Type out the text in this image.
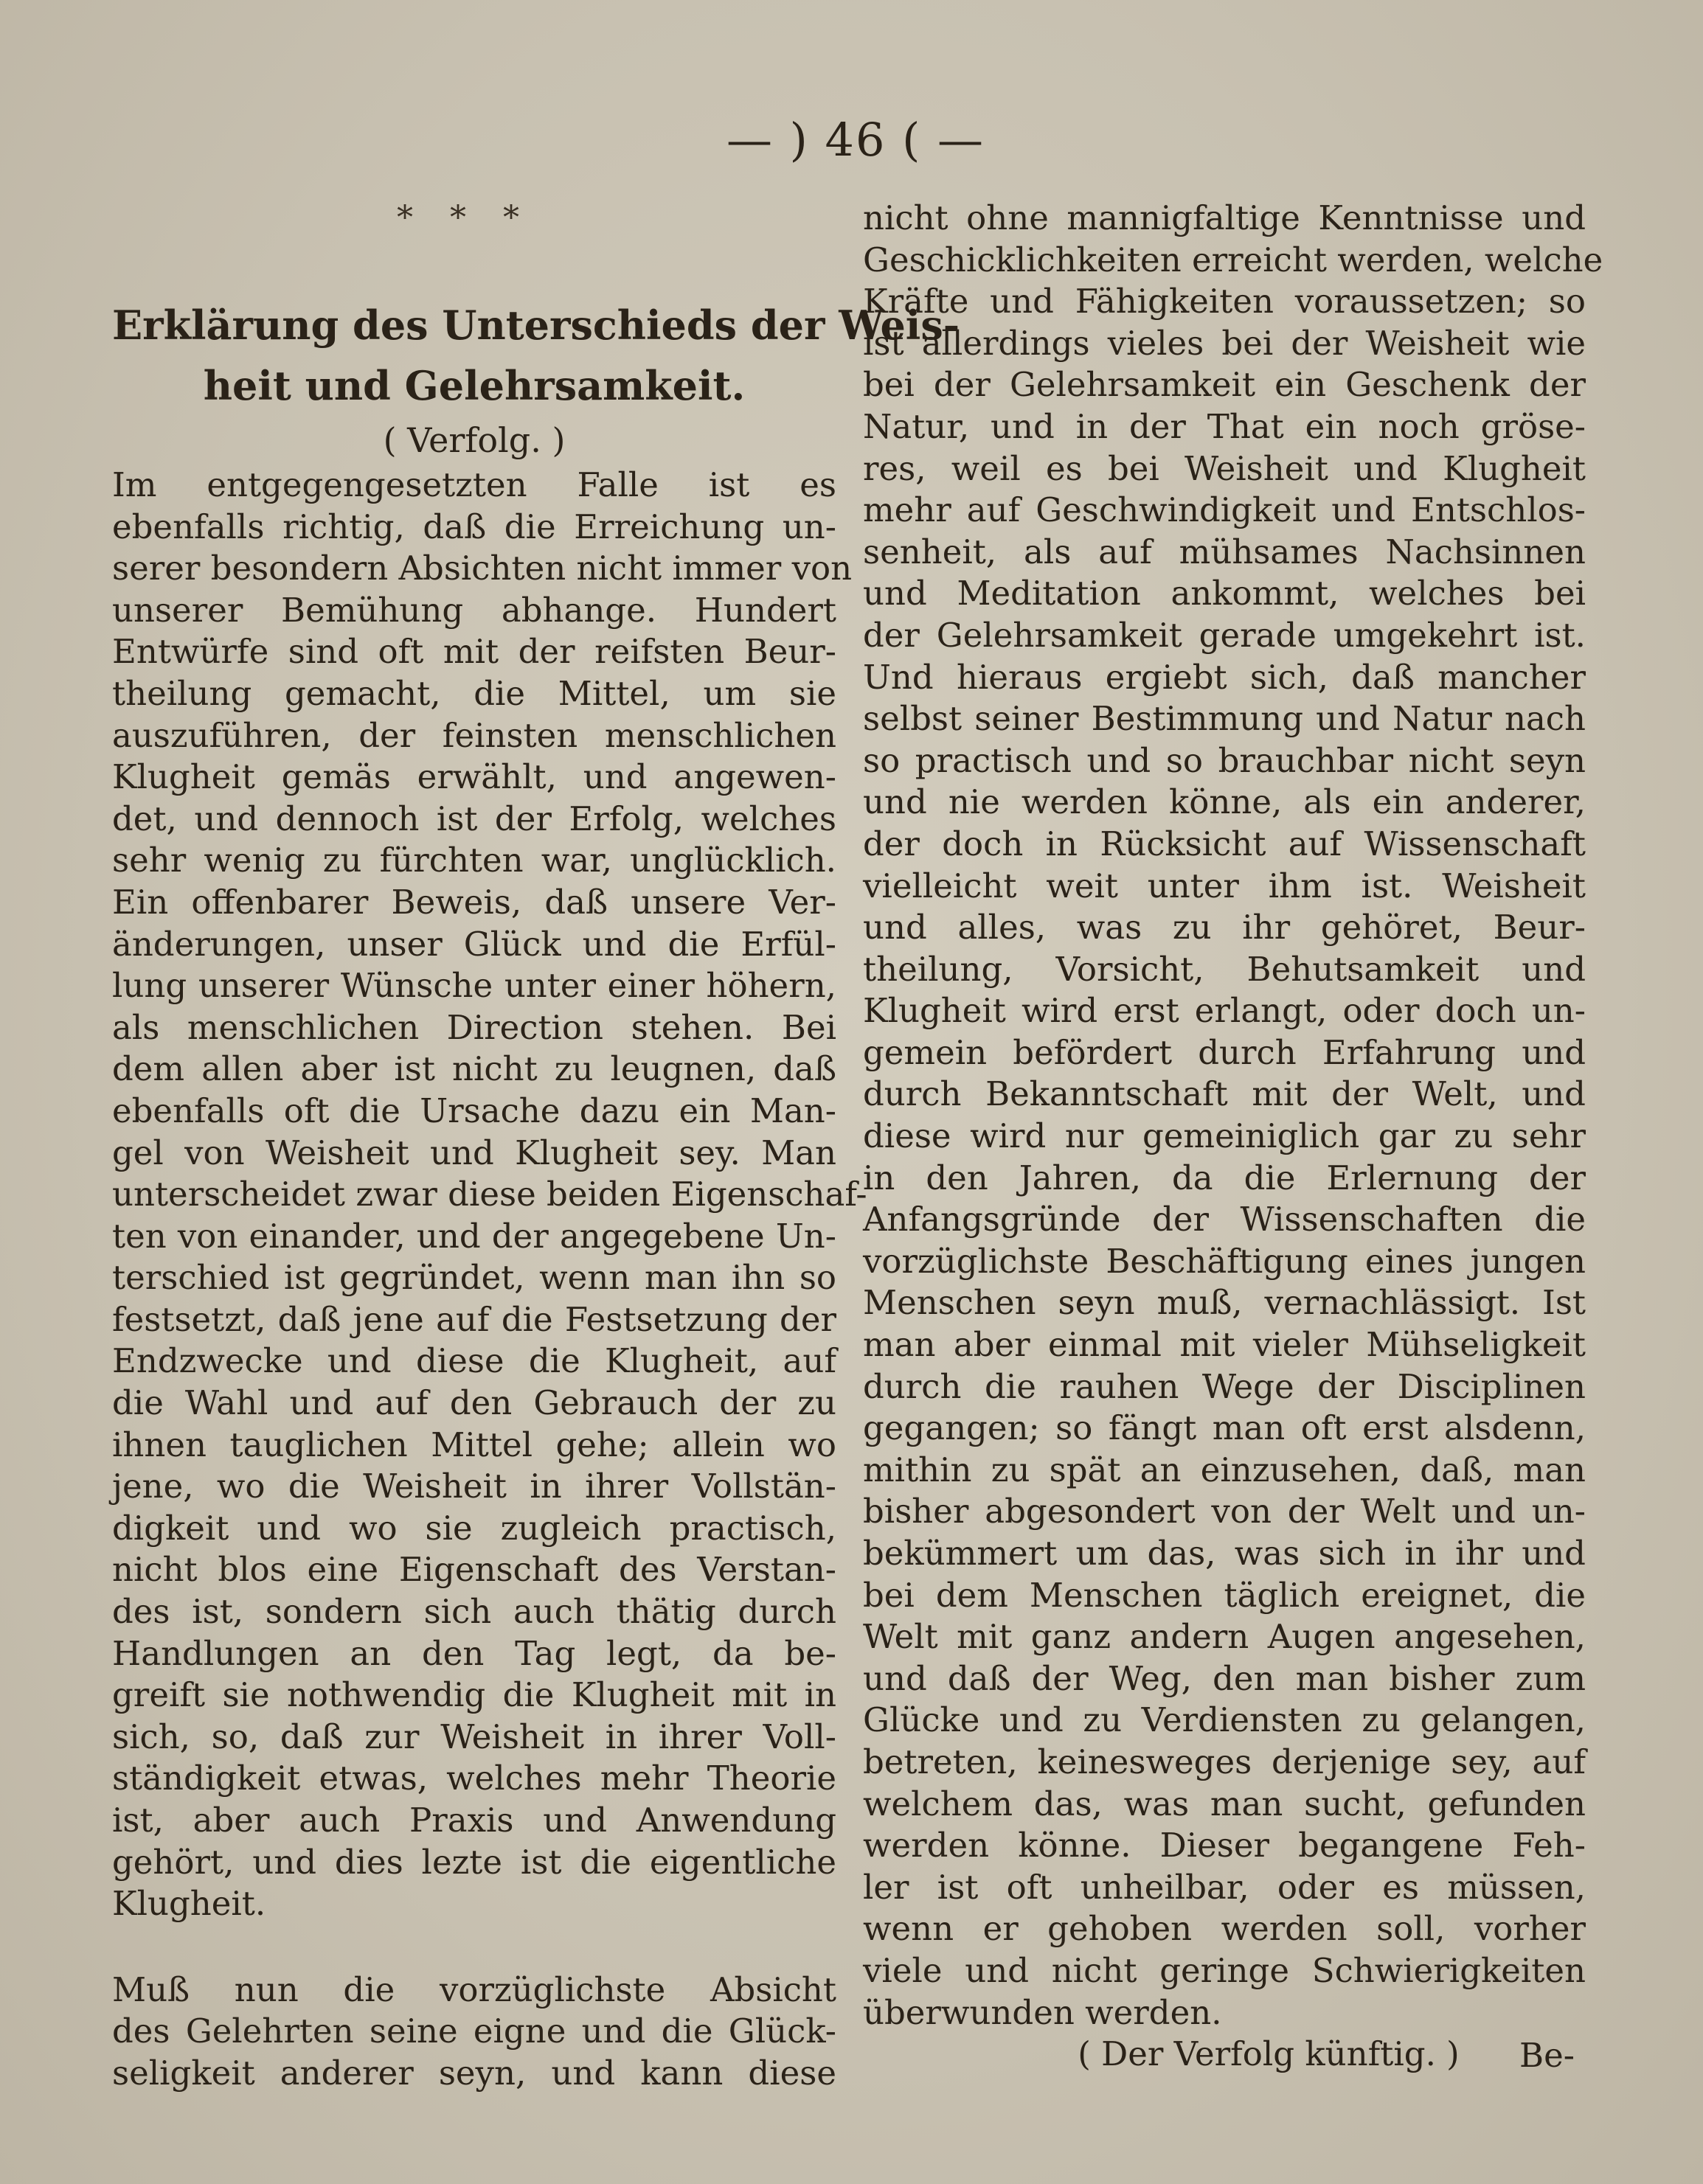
— ) 46 ( —
* * *
Erklärung des Unterschieds der Weis-
heit und Gelehrsamkeit.

( Verfolg. )

Im entgegengesetzten Falle ist es
ebenfalls richtig, daß die Erreichung un-
serer besondern Absichten nicht immer von
unserer Bemühung abhange. Hundert
Entwürfe sind oft mit der reifsten Beur-
theilung gemacht, die Mittel, um sie
auszuführen, der feinsten menschlichen
Klugheit gemäs erwählt, und angewen-
det, und dennoch ist der Erfolg, welches
sehr wenig zu fürchten war, unglücklich.
Ein offenbarer Beweis, daß unsere Ver-
änderungen, unser Glück und die Erfül-
lung unserer Wünsche unter einer höhern,
als menschlichen Direction stehen. Bei
dem allen aber ist nicht zu leugnen, daß
ebenfalls oft die Ursache dazu ein Man-
gel von Weisheit und Klugheit sey. Man
unterscheidet zwar diese beiden Eigenschaf-
ten von einander, und der angegebene Un-
terschied ist gegründet, wenn man ihn so
festsetzt, daß jene auf die Festsetzung der
Endzwecke und diese die Klugheit, auf
die Wahl und auf den Gebrauch der zu
ihnen tauglichen Mittel gehe; allein wo
jene, wo die Weisheit in ihrer Vollstän-
digkeit und wo sie zugleich practisch,
nicht blos eine Eigenschaft des Verstan-
des ist, sondern sich auch thätig durch
Handlungen an den Tag legt, da be-
greift sie nothwendig die Klugheit mit in
sich, so, daß zur Weisheit in ihrer Voll-
ständigkeit etwas, welches mehr Theorie
ist, aber auch Praxis und Anwendung
gehört, und dies lezte ist die eigentliche
Klugheit.
Muß nun die vorzüglichste Absicht
des Gelehrten seine eigne und die Glück-
seligkeit anderer seyn, und kann diese
nicht ohne mannigfaltige Kenntnisse und
Geschicklichkeiten erreicht werden, welche
Kräfte und Fähigkeiten voraussetzen; so
ist allerdings vieles bei der Weisheit wie
bei der Gelehrsamkeit ein Geschenk der
Natur, und in der That ein noch gröse-
res, weil es bei Weisheit und Klugheit
mehr auf Geschwindigkeit und Entschlos-
senheit, als auf mühsames Nachsinnen
und Meditation ankommt, welches bei
der Gelehrsamkeit gerade umgekehrt ist.
Und hieraus ergiebt sich, daß mancher
selbst seiner Bestimmung und Natur nach
so practisch und so brauchbar nicht seyn
und nie werden könne, als ein anderer,
der doch in Rücksicht auf Wissenschaft
vielleicht weit unter ihm ist. Weisheit
und alles, was zu ihr gehöret, Beur-
theilung, Vorsicht, Behutsamkeit und
Klugheit wird erst erlangt, oder doch un-
gemein befördert durch Erfahrung und
durch Bekanntschaft mit der Welt, und
diese wird nur gemeiniglich gar zu sehr
in den Jahren, da die Erlernung der
Anfangsgründe der Wissenschaften die
vorzüglichste Beschäftigung eines jungen
Menschen seyn muß, vernachlässigt. Ist
man aber einmal mit vieler Mühseligkeit
durch die rauhen Wege der Disciplinen
gegangen; so fängt man oft erst alsdenn,
mithin zu spät an einzusehen, daß, man
bisher abgesondert von der Welt und un-
bekümmert um das, was sich in ihr und
bei dem Menschen täglich ereignet, die
Welt mit ganz andern Augen angesehen,
und daß der Weg, den man bisher zum
Glücke und zu Verdiensten zu gelangen,
betreten, keinesweges derjenige sey, auf
welchem das, was man sucht, gefunden
werden könne. Dieser begangene Feh-
ler ist oft unheilbar, oder es müssen,
wenn er gehoben werden soll, vorher
viele und nicht geringe Schwierigkeiten
überwunden werden.
( Der Verfolg künftig. )	Be-
